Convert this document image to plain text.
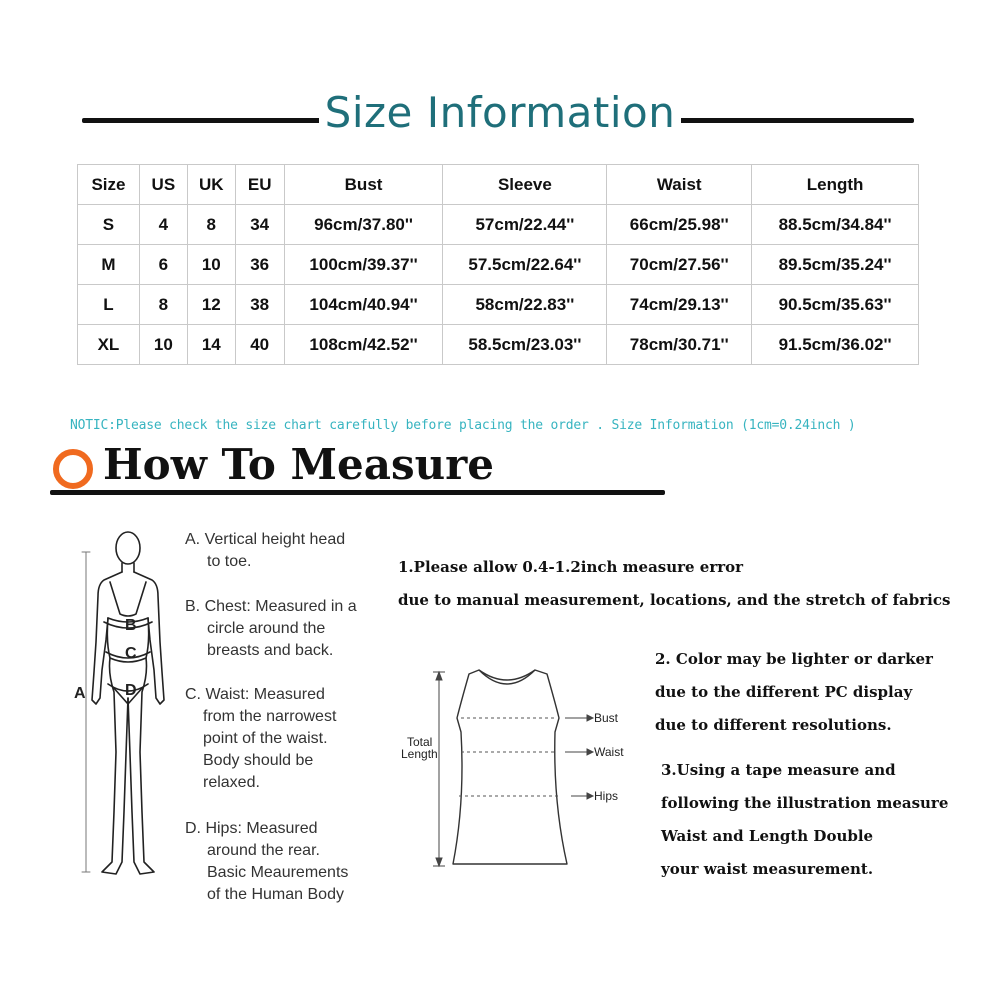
Size Information
Size	US	UK	EU	Bust	Sleeve	Waist	Length
S	4	8	34	96cm/37.80''	57cm/22.44''	66cm/25.98''	88.5cm/34.84''
M	6	10	36	100cm/39.37''	57.5cm/22.64''	70cm/27.56''	89.5cm/35.24''
L	8	12	38	104cm/40.94''	58cm/22.83''	74cm/29.13''	90.5cm/35.63''
XL	10	14	40	108cm/42.52''	58.5cm/23.03''	78cm/30.71''	91.5cm/36.02''
NOTIC:Please check the size chart carefully before placing the order . Size Information (1cm=0.24inch )
How To Measure
B
C
D
A
A. Vertical height head
to toe.
B. Chest: Measured in a
circle around the
breasts and back.
C. Waist: Measured
from the narrowest
point of the waist.
Body should be
relaxed.
D. Hips: Measured
around the rear.
Basic Meaurements
of the Human Body
Bust
Waist
Hips
Total
Length
1.Please allow 0.4-1.2inch measure error
due to manual measurement, locations, and the stretch of fabrics
2. Color may be lighter or darker
due to the different PC display
due to different resolutions.
3.Using a tape measure and
following the illustration measure
Waist and Length Double
your waist measurement.
